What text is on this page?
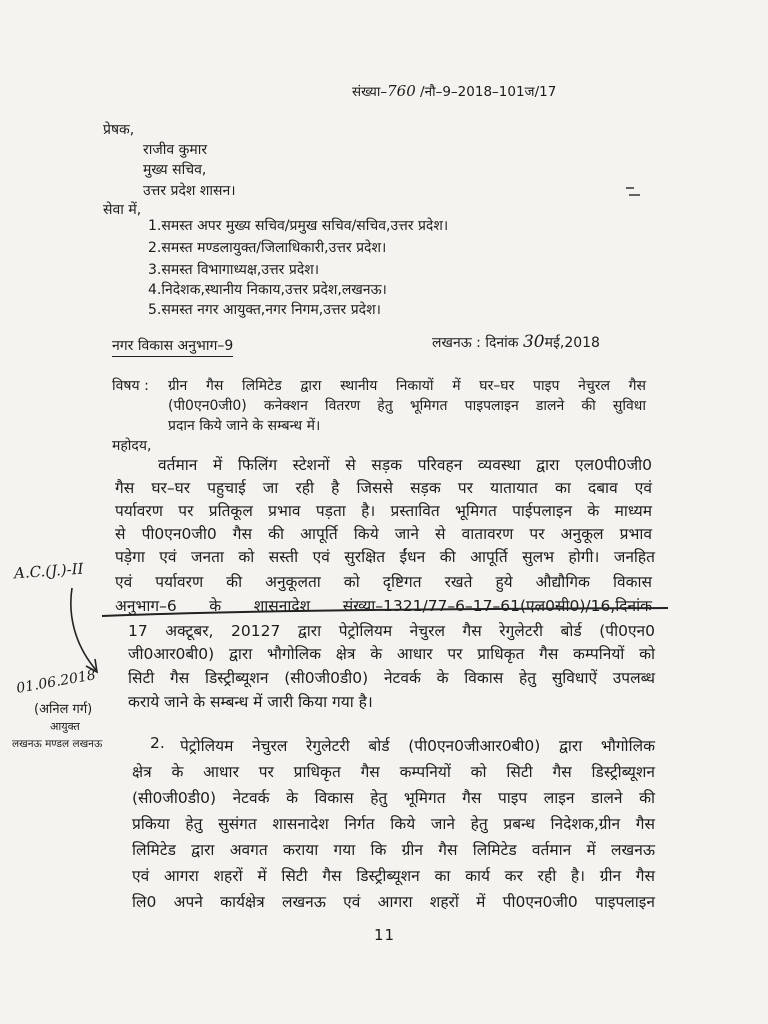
संख्या–760 /नौ–9–2018–101ज/17
प्रेषक,
राजीव कुमार
मुख्य सचिव,
उत्तर प्रदेश शासन।
सेवा में,
1.समस्त अपर मुख्य सचिव/प्रमुख सचिव/सचिव,उत्तर प्रदेश।
2.समस्त मण्डलायुक्त/जिलाधिकारी,उत्तर प्रदेश।
3.समस्त विभागाध्यक्ष,उत्तर प्रदेश।
4.निदेशक,स्थानीय निकाय,उत्तर प्रदेश,लखनऊ।
5.समस्त नगर आयुक्त,नगर निगम,उत्तर प्रदेश।
नगर विकास अनुभाग–9	लखनऊ : दिनांक 30मई,2018
विषय : ग्रीन गैस लिमिटेड द्वारा स्थानीय निकायों में घर–घर पाइप नेचुरल गैस
(पी0एन0जी0) कनेक्शन वितरण हेतु भूमिगत पाइपलाइन डालने की सुविधा
प्रदान किये जाने के सम्बन्ध में।
महोदय,
वर्तमान में फिलिंग स्टेशनों से सड़क परिवहन व्यवस्था द्वारा एल0पी0जी0
गैस घर–घर पहुचाई जा रही है जिससे सड़क पर यातायात का दबाव एवं
पर्यावरण पर प्रतिकूल प्रभाव पड़ता है। प्रस्तावित भूमिगत पाईपलाइन के माध्यम
से पी0एन0जी0 गैस की आपूर्ति किये जाने से वातावरण पर अनुकूल प्रभाव
पड़ेगा एवं जनता को सस्ती एवं सुरक्षित ईंधन की आपूर्ति सुलभ होगी। जनहित
एवं पर्यावरण की अनुकूलता को दृष्टिगत रखते हुये औद्यौगिक विकास
अनुभाग–6 के शासनादेश संख्या–1321/77–6–17–61(एल0सी0)/16,दिनांक
17 अक्टूबर, 20127 द्वारा पेट्रोलियम नेचुरल गैस रेगुलेटरी बोर्ड (पी0एन0
जी0आर0बी0) द्वारा भौगोलिक क्षेत्र के आधार पर प्राधिकृत गैस कम्पनियों को
सिटी गैस डिस्ट्रीब्यूशन (सी0जी0डी0) नेटवर्क के विकास हेतु सुविधाऐं उपलब्ध
कराये जाने के सम्बन्ध में जारी किया गया है।
2. पेट्रोलियम नेचुरल रेगुलेटरी बोर्ड (पी0एन0जीआर0बी0) द्वारा भौगोलिक
क्षेत्र के आधार पर प्राधिकृत गैस कम्पनियों को सिटी गैस डिस्ट्रीब्यूशन
(सी0जी0डी0) नेटवर्क के विकास हेतु भूमिगत गैस पाइप लाइन डालने की
प्रकिया हेतु सुसंगत शासनादेश निर्गत किये जाने हेतु प्रबन्ध निदेशक,ग्रीन गैस
लिमिटेड द्वारा अवगत कराया गया कि ग्रीन गैस लिमिटेड वर्तमान में लखनऊ
एवं आगरा शहरों में सिटी गैस डिस्ट्रीब्यूशन का कार्य कर रही है। ग्रीन गैस
लि0 अपने कार्यक्षेत्र लखनऊ एवं आगरा शहरों में पी0एन0जी0 पाइपलाइन
A.C.(J.)-II
01.06.2018
(अनिल गर्ग)
आयुक्त
लखनऊ मण्डल लखनऊ
11
